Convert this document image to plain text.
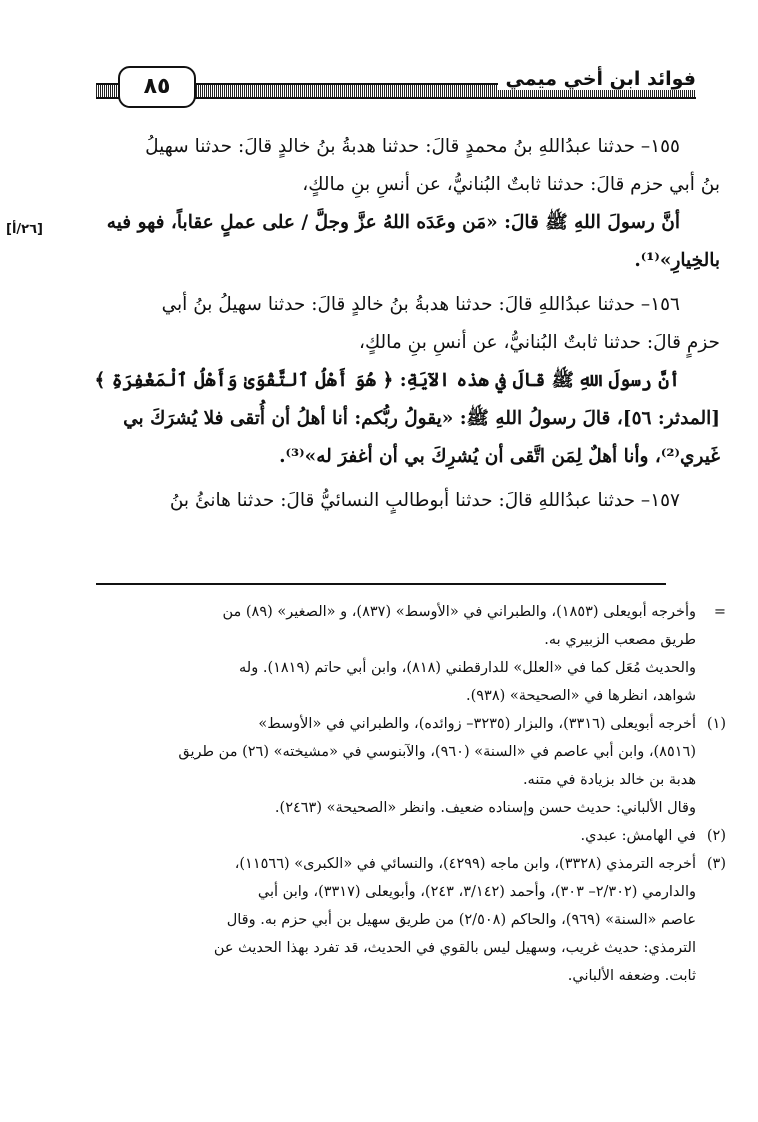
فوائد ابن أخي ميمي
٨٥

١٥٥– حدثنا عبدُاللهِ بنُ محمدٍ قالَ: حدثنا هدبةُ بنُ خالدٍ قالَ: حدثنا سهيلُ

بنُ أبي حزم قالَ: حدثنا ثابتٌ البُنانيُّ، عن أنسِ بنِ مالكٍ،

أنَّ رسولَ اللهِ ﷺ قالَ: «مَن وعَدَه اللهُ عزَّ وجلَّ / على عملٍ عقاباً، فهو فيه

بالخِيارِ»⁽¹⁾.

١٥٦– حدثنا عبدُاللهِ قالَ: حدثنا هدبةُ بنُ خالدٍ قالَ: حدثنا سهيلُ بنُ أبي

حزمٍ قالَ: حدثنا ثابتٌ البُنانيُّ، عن أنسِ بنِ مالكٍ،

أنَّ رسولَ اللهِ ﷺ قالَ في هذه الآيَةِ: ﴿ هُوَ أَهْلُ ٱلتَّقْوَىٰ وَأَهْلُ ٱلْمَغْفِرَةِ ﴾

[المدثر: ٥٦]، قالَ رسولُ اللهِ ﷺ: «يقولُ ربُّكم: أنا أهلُ أن أُتقى فلا يُشرَكَ بي

غَيري⁽²⁾، وأنا أهلٌ لِمَن اتَّقى أن يُشرِكَ بي أن أغفرَ له»⁽³⁾.

١٥٧– حدثنا عبدُاللهِ قالَ: حدثنا أبوطالبٍ النسائيُّ قالَ: حدثنا هانئُ بنُ

[٢٦/أ]

=
وأخرجه أبويعلى (١٨٥٣)، والطبراني في «الأوسط» (٨٣٧)، و «الصغير» (٨٩) من

طريق مصعب الزبيري به.

والحديث مُعَل كما في «العلل» للدارقطني (٨١٨)، وابن أبي حاتم (١٨١٩). وله

شواهد، انظرها في «الصحيحة» (٩٣٨).

(١)
أخرجه أبويعلى (٣٣١٦)، والبزار (٣٢٣٥– زوائده)، والطبراني في «الأوسط»

(٨٥١٦)، وابن أبي عاصم في «السنة» (٩٦٠)، والآبنوسي في «مشيخته» (٢٦) من طريق

هدبة بن خالد بزيادة في متنه.

وقال الألباني: حديث حسن وإسناده ضعيف. وانظر «الصحيحة» (٢٤٦٣).

(٢)
في الهامش: عبدي.

(٣)
أخرجه الترمذي (٣٣٢٨)، وابن ماجه (٤٢٩٩)، والنسائي في «الكبرى» (١١٥٦٦)،

والدارمي (٢/٣٠٢– ٣٠٣)، وأحمد (٣/١٤٢، ٢٤٣)، وأبويعلى (٣٣١٧)، وابن أبي

عاصم «السنة» (٩٦٩)، والحاكم (٢/٥٠٨) من طريق سهيل بن أبي حزم به. وقال

الترمذي: حديث غريب، وسهيل ليس بالقوي في الحديث، قد تفرد بهذا الحديث عن

ثابت. وضعفه الألباني.
